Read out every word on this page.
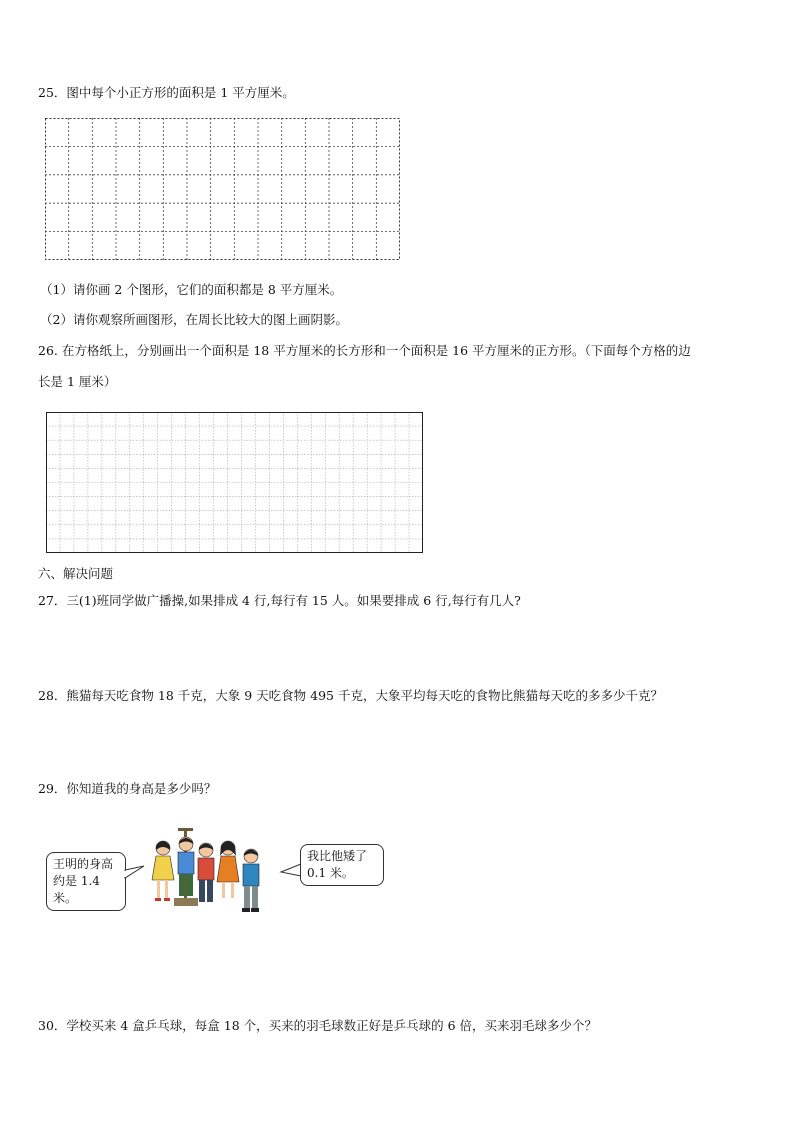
25．图中每个小正方形的面积是 1 平方厘米。
（1）请你画 2 个图形，它们的面积都是 8 平方厘米。
（2）请你观察所画图形，在周长比较大的图上画阴影。
26. 在方格纸上，分别画出一个面积是 18 平方厘米的长方形和一个面积是 16 平方厘米的正方形。（下面每个方格的边
长是 1 厘米）
六、解决问题
27．三(1)班同学做广播操,如果排成 4 行,每行有 15 人。如果要排成 6 行,每行有几人?
28．熊猫每天吃食物 18 千克，大象 9 天吃食物 495 千克，大象平均每天吃的食物比熊猫每天吃的多多少千克？
29．你知道我的身高是多少吗？
王明的身高
约是 1.4 米。
我比他矮了
0.1 米。
30．学校买来 4 盒乒乓球，每盒 18 个，买来的羽毛球数正好是乒乓球的 6 倍，买来羽毛球多少个？
